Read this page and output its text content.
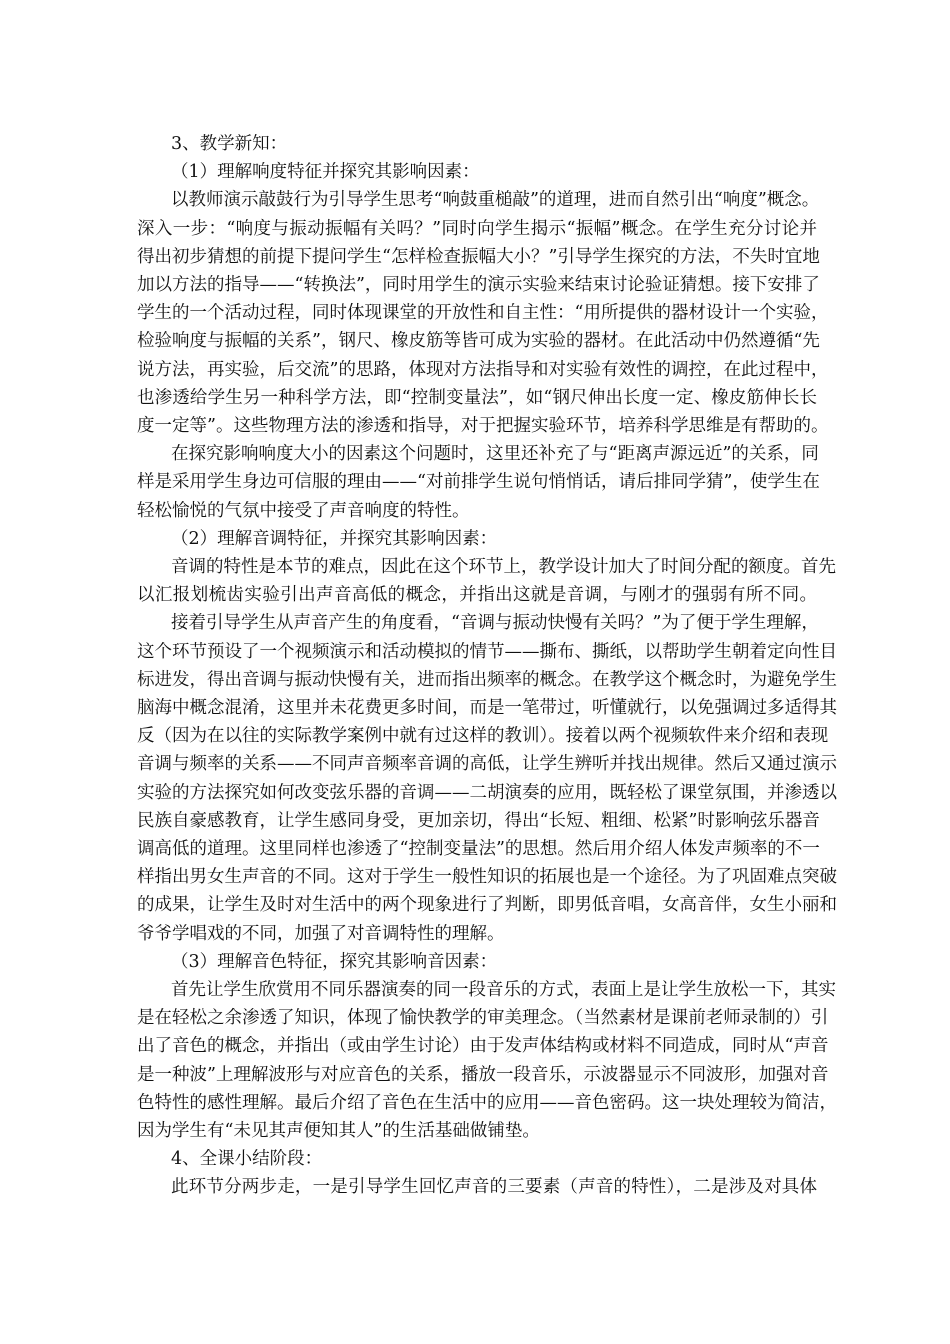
3、教学新知：
（1）理解响度特征并探究其影响因素：
以教师演示敲鼓行为引导学生思考“响鼓重槌敲”的道理，进而自然引出“响度”概念。
深入一步：“响度与振动振幅有关吗？”同时向学生揭示“振幅”概念。在学生充分讨论并
得出初步猜想的前提下提问学生“怎样检查振幅大小？”引导学生探究的方法，不失时宜地
加以方法的指导——“转换法”，同时用学生的演示实验来结束讨论验证猜想。接下安排了
学生的一个活动过程，同时体现课堂的开放性和自主性：“用所提供的器材设计一个实验，
检验响度与振幅的关系”，钢尺、橡皮筋等皆可成为实验的器材。在此活动中仍然遵循“先
说方法，再实验，后交流”的思路，体现对方法指导和对实验有效性的调控，在此过程中，
也渗透给学生另一种科学方法，即“控制变量法”，如“钢尺伸出长度一定、橡皮筋伸长长
度一定等”。这些物理方法的渗透和指导，对于把握实验环节，培养科学思维是有帮助的。
在探究影响响度大小的因素这个问题时，这里还补充了与“距离声源远近”的关系，同
样是采用学生身边可信服的理由——“对前排学生说句悄悄话，请后排同学猜”，使学生在
轻松愉悦的气氛中接受了声音响度的特性。
（2）理解音调特征，并探究其影响因素：
音调的特性是本节的难点，因此在这个环节上，教学设计加大了时间分配的额度。首先
以汇报划梳齿实验引出声音高低的概念，并指出这就是音调，与刚才的强弱有所不同。
接着引导学生从声音产生的角度看，“音调与振动快慢有关吗？”为了便于学生理解，
这个环节预设了一个视频演示和活动模拟的情节——撕布、撕纸，以帮助学生朝着定向性目
标进发，得出音调与振动快慢有关，进而指出频率的概念。在教学这个概念时，为避免学生
脑海中概念混淆，这里并未花费更多时间，而是一笔带过，听懂就行，以免强调过多适得其
反（因为在以往的实际教学案例中就有过这样的教训）。接着以两个视频软件来介绍和表现
音调与频率的关系——不同声音频率音调的高低，让学生辨听并找出规律。然后又通过演示
实验的方法探究如何改变弦乐器的音调——二胡演奏的应用，既轻松了课堂氛围，并渗透以
民族自豪感教育，让学生感同身受，更加亲切，得出“长短、粗细、松紧”时影响弦乐器音
调高低的道理。这里同样也渗透了“控制变量法”的思想。然后用介绍人体发声频率的不一
样指出男女生声音的不同。这对于学生一般性知识的拓展也是一个途径。为了巩固难点突破
的成果，让学生及时对生活中的两个现象进行了判断，即男低音唱，女高音伴，女生小丽和
爷爷学唱戏的不同，加强了对音调特性的理解。
（3）理解音色特征，探究其影响音因素：
首先让学生欣赏用不同乐器演奏的同一段音乐的方式，表面上是让学生放松一下，其实
是在轻松之余渗透了知识，体现了愉快教学的审美理念。（当然素材是课前老师录制的）引
出了音色的概念，并指出（或由学生讨论）由于发声体结构或材料不同造成，同时从“声音
是一种波”上理解波形与对应音色的关系，播放一段音乐，示波器显示不同波形，加强对音
色特性的感性理解。最后介绍了音色在生活中的应用——音色密码。这一块处理较为简洁，
因为学生有“未见其声便知其人”的生活基础做铺垫。
4、全课小结阶段：
此环节分两步走，一是引导学生回忆声音的三要素（声音的特性），二是涉及对具体
